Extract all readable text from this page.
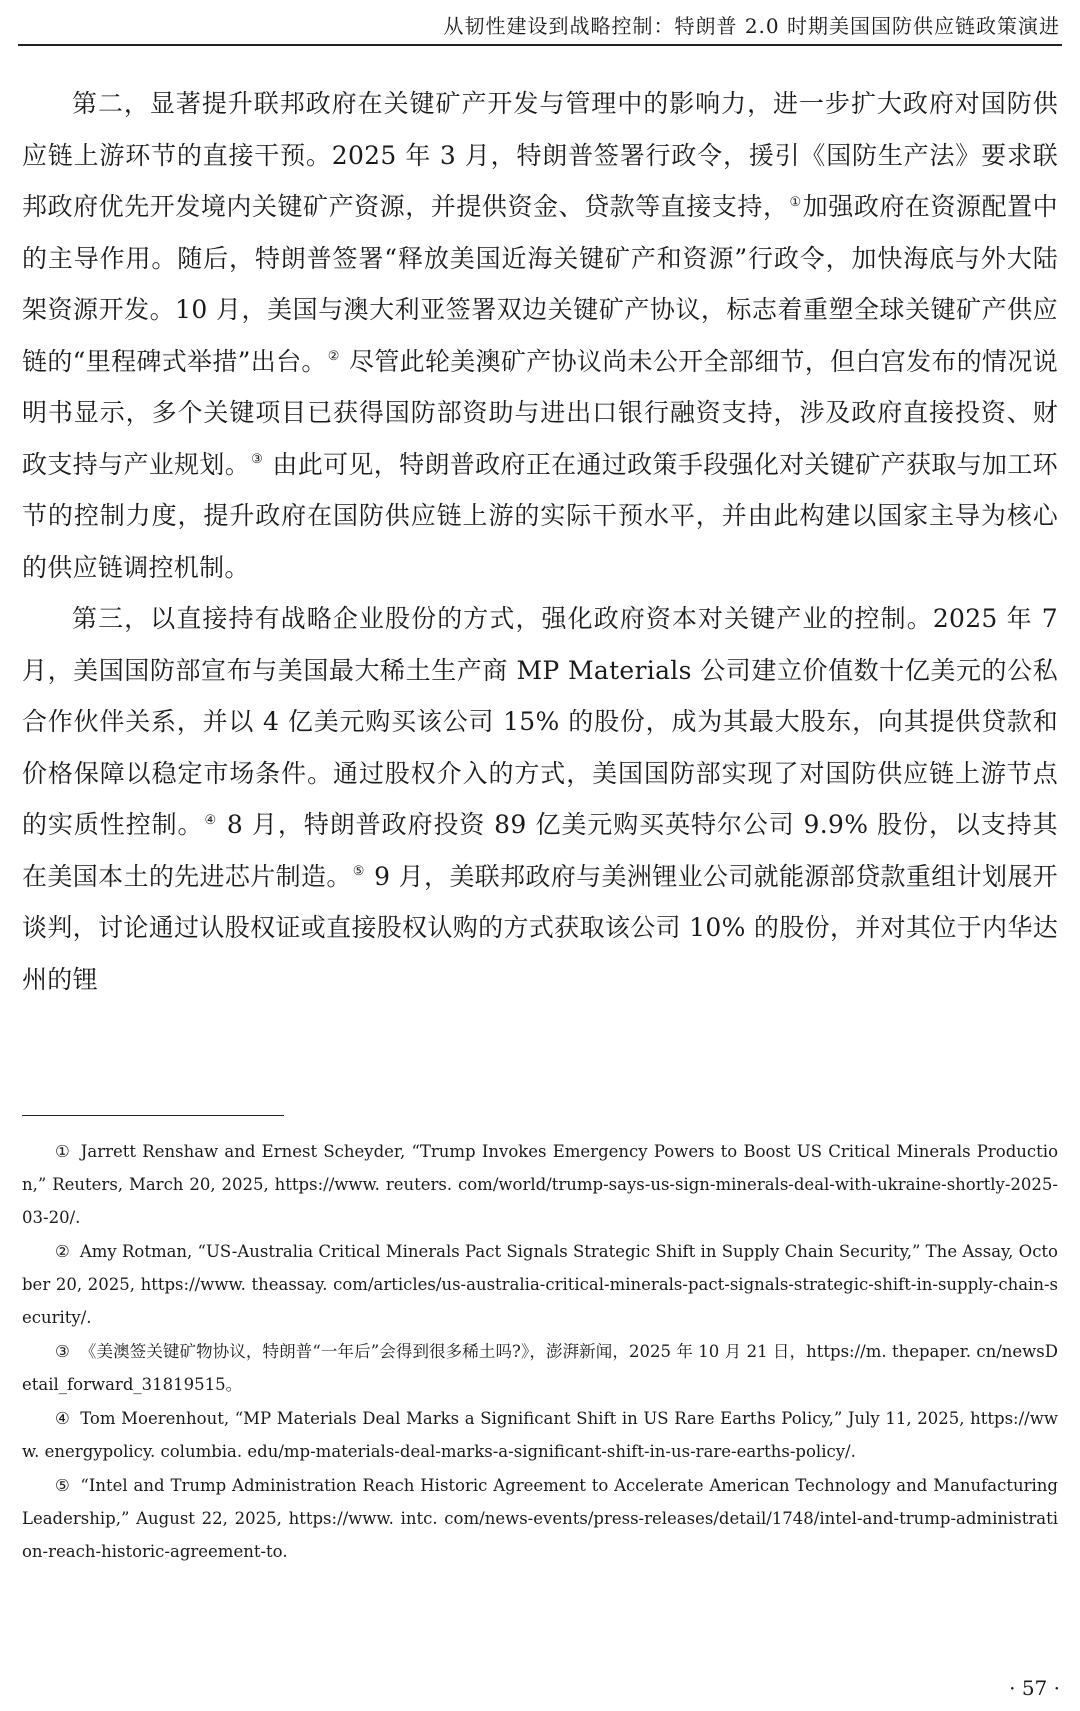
从韧性建设到战略控制：特朗普 2.0 时期美国国防供应链政策演进

第二，显著提升联邦政府在关键矿产开发与管理中的影响力，进一步扩大政府对国防供应链上游环节的直接干预。2025 年 3 月，特朗普签署行政令，援引《国防生产法》要求联邦政府优先开发境内关键矿产资源，并提供资金、贷款等直接支持，①加强政府在资源配置中的主导作用。随后，特朗普签署“释放美国近海关键矿产和资源”行政令，加快海底与外大陆架资源开发。10 月，美国与澳大利亚签署双边关键矿产协议，标志着重塑全球关键矿产供应链的“里程碑式举措”出台。② 尽管此轮美澳矿产协议尚未公开全部细节，但白宫发布的情况说明书显示，多个关键项目已获得国防部资助与进出口银行融资支持，涉及政府直接投资、财政支持与产业规划。③ 由此可见，特朗普政府正在通过政策手段强化对关键矿产获取与加工环节的控制力度，提升政府在国防供应链上游的实际干预水平，并由此构建以国家主导为核心的供应链调控机制。

第三，以直接持有战略企业股份的方式，强化政府资本对关键产业的控制。2025 年 7 月，美国国防部宣布与美国最大稀土生产商 MP Materials 公司建立价值数十亿美元的公私合作伙伴关系，并以 4 亿美元购买该公司 15% 的股份，成为其最大股东，向其提供贷款和价格保障以稳定市场条件。通过股权介入的方式，美国国防部实现了对国防供应链上游节点的实质性控制。④ 8 月，特朗普政府投资 89 亿美元购买英特尔公司 9.9% 股份，以支持其在美国本土的先进芯片制造。⑤ 9 月，美联邦政府与美洲锂业公司就能源部贷款重组计划展开谈判，讨论通过认股权证或直接股权认购的方式获取该公司 10% 的股份，并对其位于内华达州的锂

① Jarrett Renshaw and Ernest Scheyder, “Trump Invokes Emergency Powers to Boost US Critical Minerals Production,” Reuters, March 20, 2025, https://www. reuters. com/world/trump-says-us-sign-minerals-deal-with-ukraine-shortly-2025-03-20/.
② Amy Rotman, “US-Australia Critical Minerals Pact Signals Strategic Shift in Supply Chain Security,” The Assay, October 20, 2025, https://www. theassay. com/articles/us-australia-critical-minerals-pact-signals-strategic-shift-in-supply-chain-security/.
③ 《美澳签关键矿物协议，特朗普“一年后”会得到很多稀土吗?》，澎湃新闻，2025 年 10 月 21 日，https://m. thepaper. cn/newsDetail_forward_31819515。
④ Tom Moerenhout, “MP Materials Deal Marks a Significant Shift in US Rare Earths Policy,” July 11, 2025, https://www. energypolicy. columbia. edu/mp-materials-deal-marks-a-significant-shift-in-us-rare-earths-policy/.
⑤ “Intel and Trump Administration Reach Historic Agreement to Accelerate American Technology and Manufacturing Leadership,” August 22, 2025, https://www. intc. com/news-events/press-releases/detail/1748/intel-and-trump-administration-reach-historic-agreement-to.
· 57 ·
